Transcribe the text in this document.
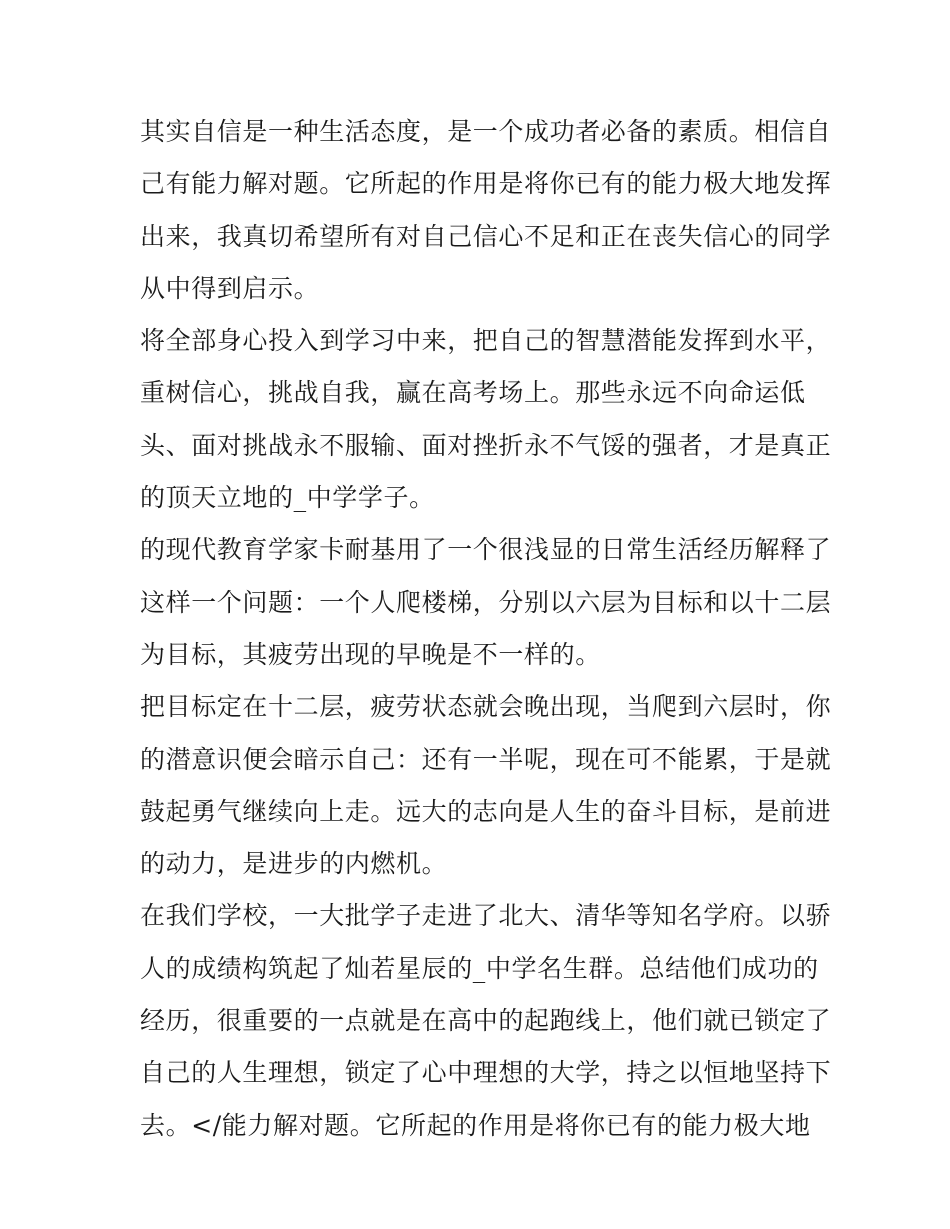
其实自信是一种生活态度，是一个成功者必备的素质。相信自
己有能力解对题。它所起的作用是将你已有的能力极大地发挥
出来，我真切希望所有对自己信心不足和正在丧失信心的同学
从中得到启示。
将全部身心投入到学习中来，把自己的智慧潜能发挥到水平，
重树信心，挑战自我，赢在高考场上。那些永远不向命运低
头、面对挑战永不服输、面对挫折永不气馁的强者，才是真正
的顶天立地的_中学学子。
的现代教育学家卡耐基用了一个很浅显的日常生活经历解释了
这样一个问题：一个人爬楼梯，分别以六层为目标和以十二层
为目标，其疲劳出现的早晚是不一样的。
把目标定在十二层，疲劳状态就会晚出现，当爬到六层时，你
的潜意识便会暗示自己：还有一半呢，现在可不能累，于是就
鼓起勇气继续向上走。远大的志向是人生的奋斗目标，是前进
的动力，是进步的内燃机。
在我们学校，一大批学子走进了北大、清华等知名学府。以骄
人的成绩构筑起了灿若星辰的_中学名生群。总结他们成功的
经历，很重要的一点就是在高中的起跑线上，他们就已锁定了
自己的人生理想，锁定了心中理想的大学，持之以恒地坚持下
去。</能力解对题。它所起的作用是将你已有的能力极大地
